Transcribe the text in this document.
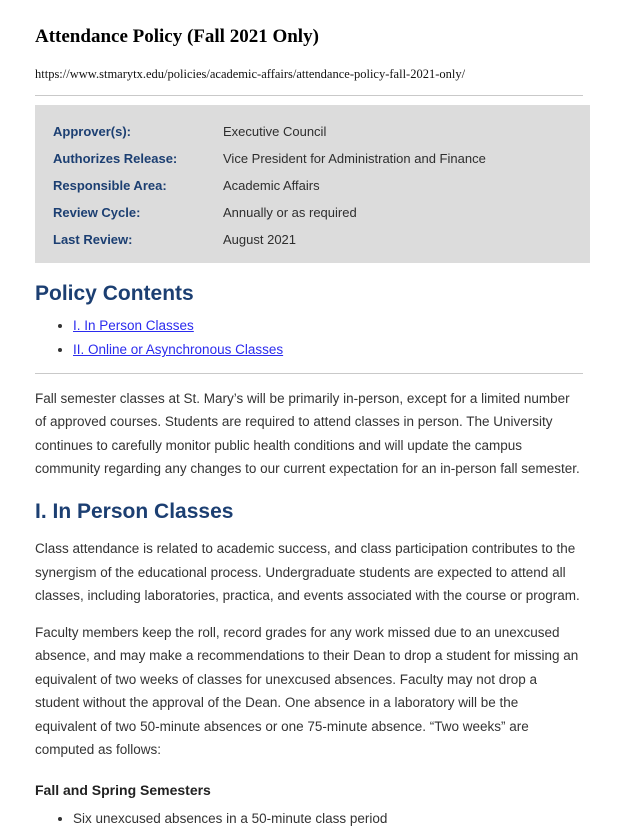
Attendance Policy (Fall 2021 Only)
https://www.stmarytx.edu/policies/academic-affairs/attendance-policy-fall-2021-only/
Approver(s):	Executive Council
Authorizes Release:	Vice President for Administration and Finance
Responsible Area:	Academic Affairs
Review Cycle:	Annually or as required
Last Review:	August 2021
Policy Contents
• I. In Person Classes
• II. Online or Asynchronous Classes

Fall semester classes at St. Mary’s will be primarily in-person, except for a limited number of approved courses. Students are required to attend classes in person. The University continues to carefully monitor public health conditions and will update the campus community regarding any changes to our current expectation for an in-person fall semester.

I. In Person Classes

Class attendance is related to academic success, and class participation contributes to the synergism of the educational process. Undergraduate students are expected to attend all classes, including laboratories, practica, and events associated with the course or program.

Faculty members keep the roll, record grades for any work missed due to an unexcused absence, and may make a recommendations to their Dean to drop a student for missing an equivalent of two weeks of classes for unexcused absences. Faculty may not drop a student without the approval of the Dean. One absence in a laboratory will be the equivalent of two 50-minute absences or one 75-minute absence. “Two weeks” are computed as follows:

Fall and Spring Semesters
• Six unexcused absences in a 50-minute class period
